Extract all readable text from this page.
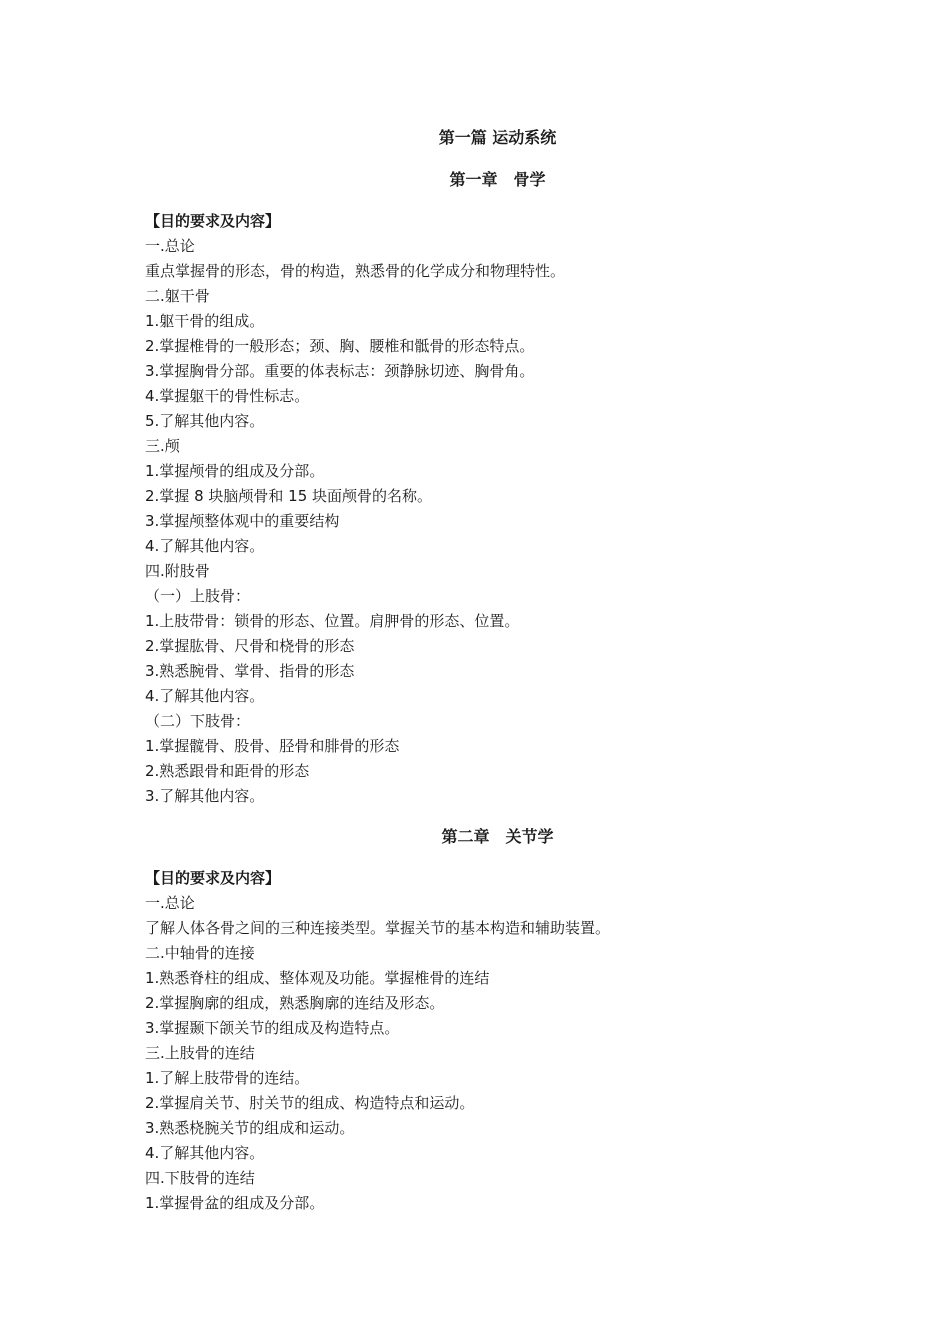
第一篇 运动系统
第一章　骨学

【目的要求及内容】

一.总论

重点掌握骨的形态，骨的构造，熟悉骨的化学成分和物理特性。

二.躯干骨

1.躯干骨的组成。

2.掌握椎骨的一般形态；颈、胸、腰椎和骶骨的形态特点。

3.掌握胸骨分部。重要的体表标志：颈静脉切迹、胸骨角。

4.掌握躯干的骨性标志。

5.了解其他内容。

三.颅

1.掌握颅骨的组成及分部。

2.掌握 8 块脑颅骨和 15 块面颅骨的名称。

3.掌握颅整体观中的重要结构

4.了解其他内容。

四.附肢骨

（一）上肢骨：

1.上肢带骨：锁骨的形态、位置。肩胛骨的形态、位置。

2.掌握肱骨、尺骨和桡骨的形态

3.熟悉腕骨、掌骨、指骨的形态

4.了解其他内容。

（二）下肢骨：

1.掌握髋骨、股骨、胫骨和腓骨的形态

2.熟悉跟骨和距骨的形态

3.了解其他内容。

第二章　关节学

【目的要求及内容】

一.总论

了解人体各骨之间的三种连接类型。掌握关节的基本构造和辅助装置。

二.中轴骨的连接

1.熟悉脊柱的组成、整体观及功能。掌握椎骨的连结

2.掌握胸廓的组成，熟悉胸廓的连结及形态。

3.掌握颞下颌关节的组成及构造特点。

三.上肢骨的连结

1.了解上肢带骨的连结。

2.掌握肩关节、肘关节的组成、构造特点和运动。

3.熟悉桡腕关节的组成和运动。

4.了解其他内容。

四.下肢骨的连结

1.掌握骨盆的组成及分部。
